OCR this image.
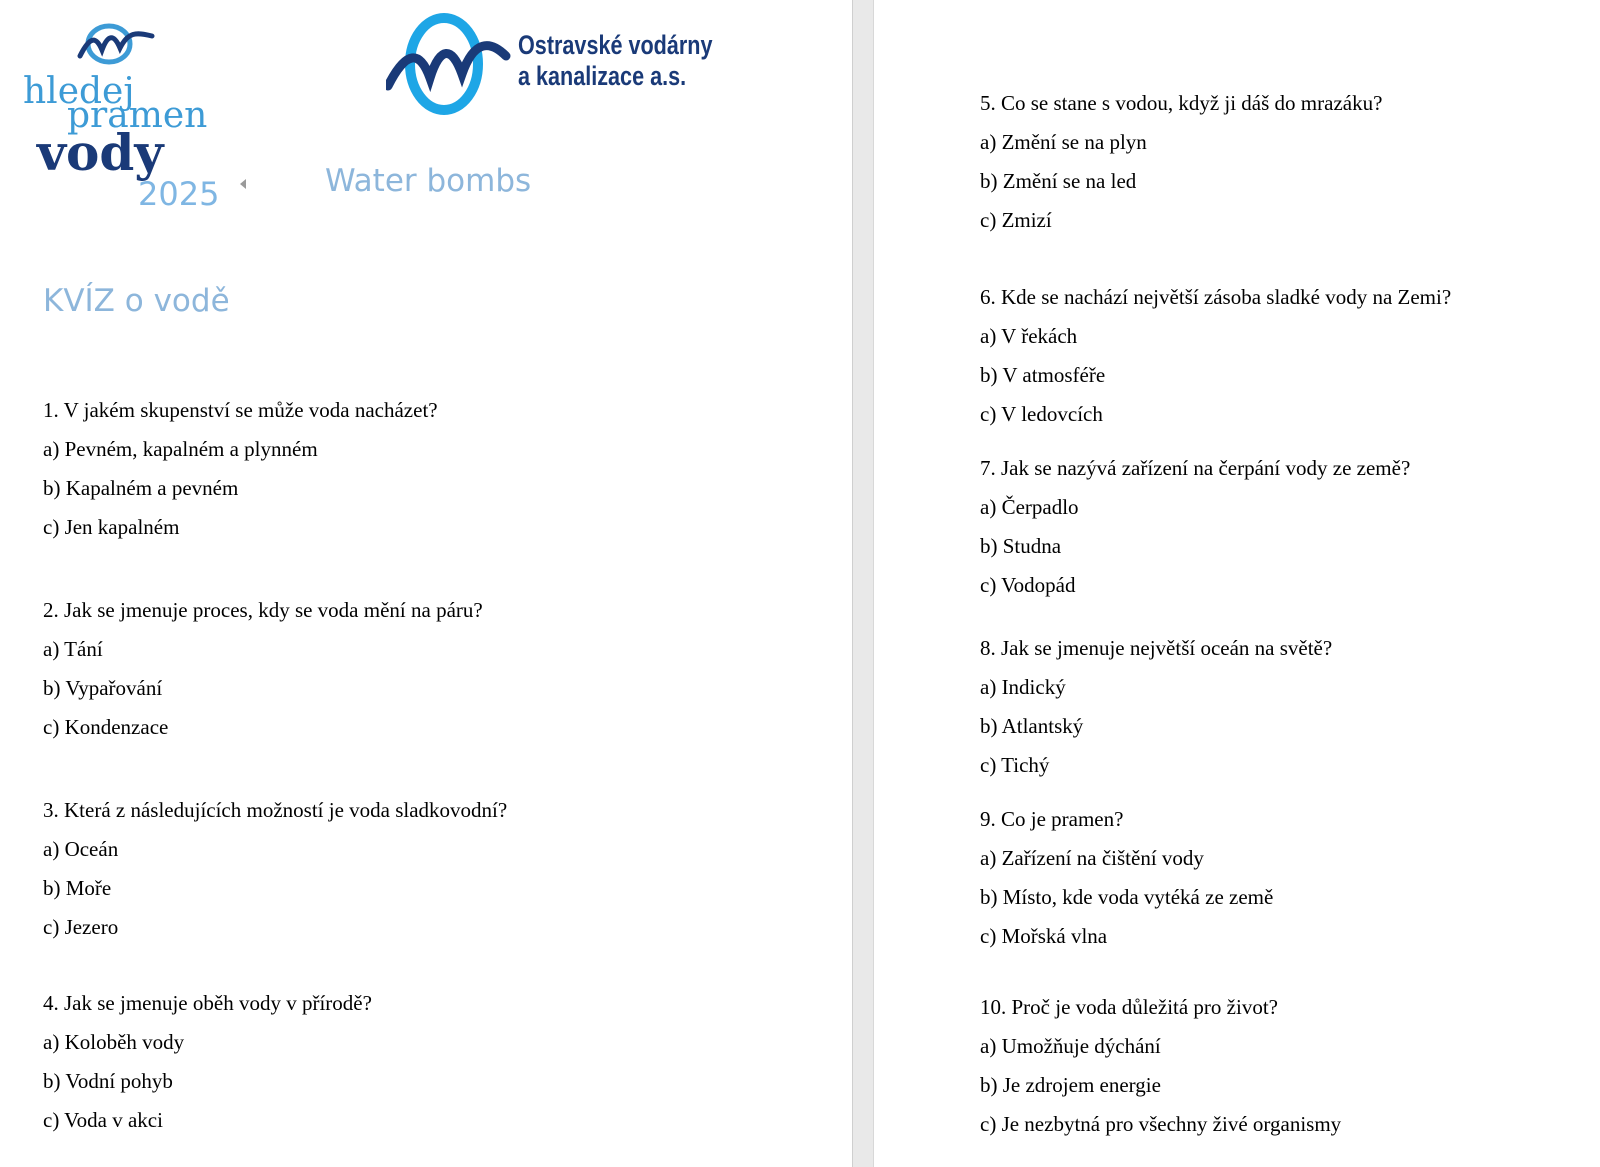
hledej
pramen
vody
2025
Ostravské vodárny
a kanalizace a.s.
Water bombs
KVÍZ o vodě
1. V jakém skupenství se může voda nacházet?
a) Pevném, kapalném a plynném
b) Kapalném a pevném
c) Jen kapalném
2. Jak se jmenuje proces, kdy se voda mění na páru?
a) Tání
b) Vypařování
c) Kondenzace
3. Která z následujících možností je voda sladkovodní?
a) Oceán
b) Moře
c) Jezero
4. Jak se jmenuje oběh vody v přírodě?
a) Koloběh vody
b) Vodní pohyb
c) Voda v akci
5. Co se stane s vodou, když ji dáš do mrazáku?
a) Změní se na plyn
b) Změní se na led
c) Zmizí
6. Kde se nachází největší zásoba sladké vody na Zemi?
a) V řekách
b) V atmosféře
c) V ledovcích
7. Jak se nazývá zařízení na čerpání vody ze země?
a) Čerpadlo
b) Studna
c) Vodopád
8. Jak se jmenuje největší oceán na světě?
a) Indický
b) Atlantský
c) Tichý
9. Co je pramen?
a) Zařízení na čištění vody
b) Místo, kde voda vytéká ze země
c) Mořská vlna
10. Proč je voda důležitá pro život?
a) Umožňuje dýchání
b) Je zdrojem energie
c) Je nezbytná pro všechny živé organismy
